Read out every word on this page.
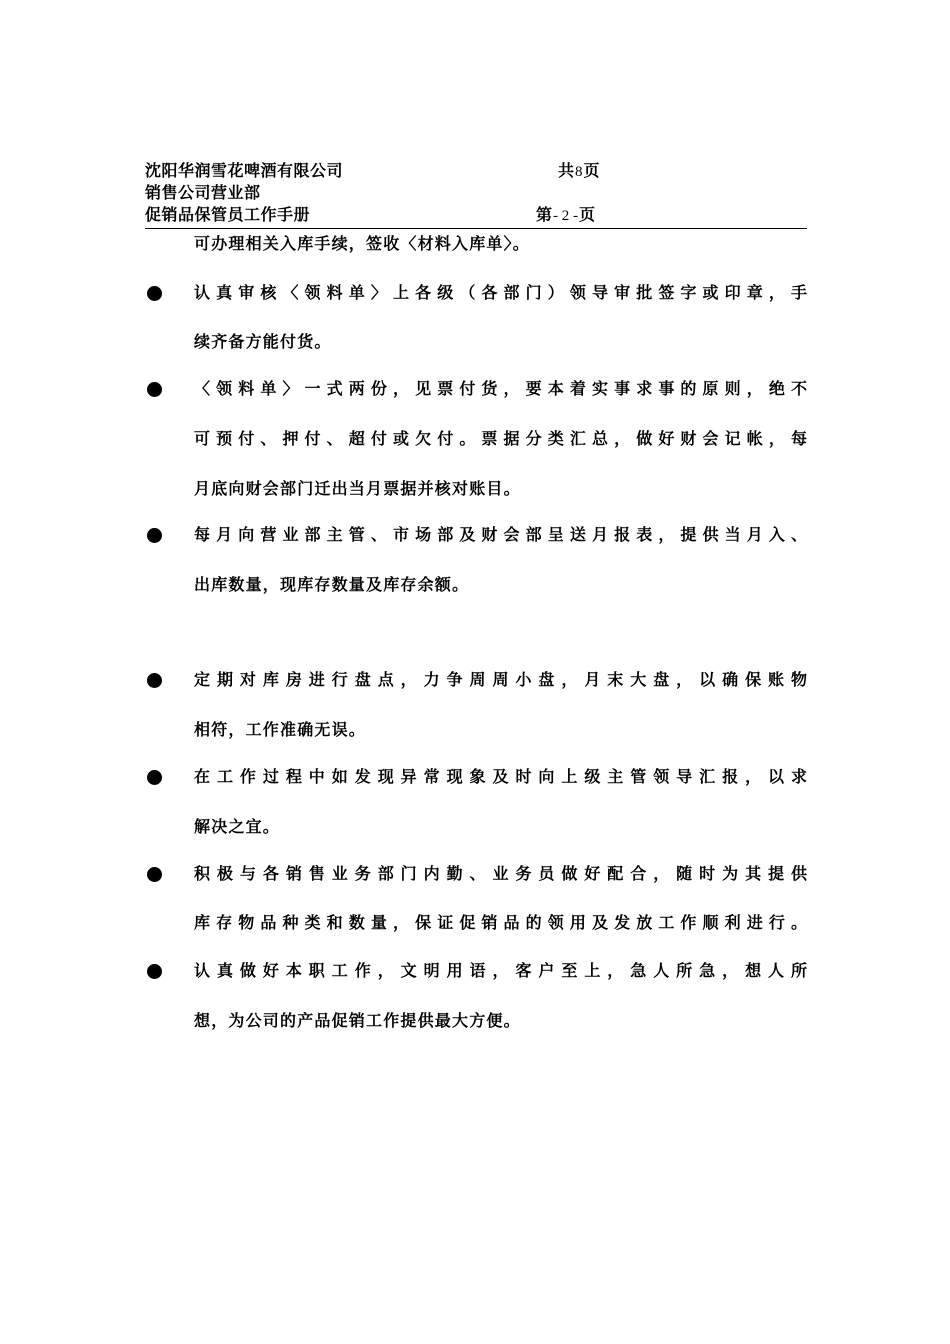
沈阳华润雪花啤酒有限公司
销售公司营业部
促销品保管员工作手册
共8页
第- 2 -页
可办理相关入库手续，签收〈材料入库单〉。
认真审核〈领料单〉上各级（各部门）领导审批签字或印章，手
续齐备方能付货。
〈领料单〉一式两份，见票付货，要本着实事求事的原则，绝不
可预付、押付、超付或欠付。票据分类汇总，做好财会记帐，每
月底向财会部门迁出当月票据并核对账目。
每月向营业部主管、市场部及财会部呈送月报表，提供当月入、
出库数量，现库存数量及库存余额。
定期对库房进行盘点，力争周周小盘，月末大盘，以确保账物
相符，工作准确无误。
在工作过程中如发现异常现象及时向上级主管领导汇报，以求
解决之宜。
积极与各销售业务部门内勤、业务员做好配合，随时为其提供
库存物品种类和数量，保证促销品的领用及发放工作顺利进行。
认真做好本职工作，文明用语，客户至上，急人所急，想人所
想，为公司的产品促销工作提供最大方便。
